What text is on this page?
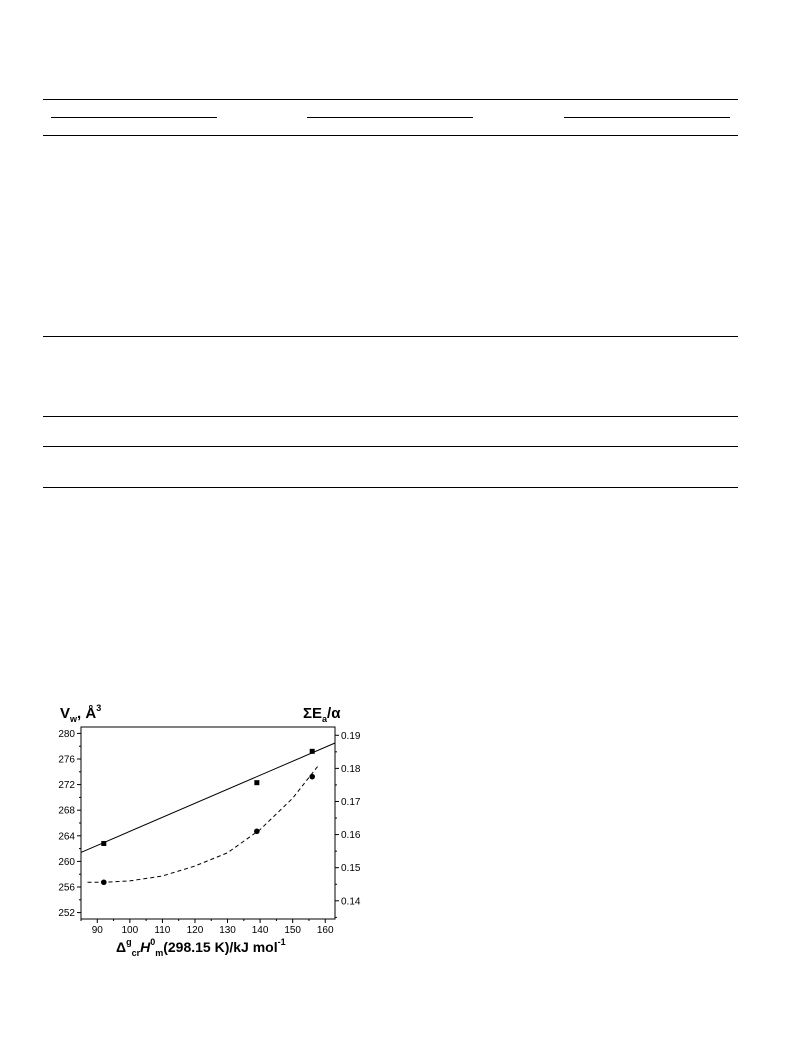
90 100 110 120 130 140 150 160
252
256
260
264
268
272
276
280
0.14
0.15
0.16
0.17
0.18
0.19
$V_w$, $Å^3$	$\Sigma E_a/\alpha$
$\Delta^g_{cr}H^0_m(298.15$ K)/kJ mol$^{-1}$
